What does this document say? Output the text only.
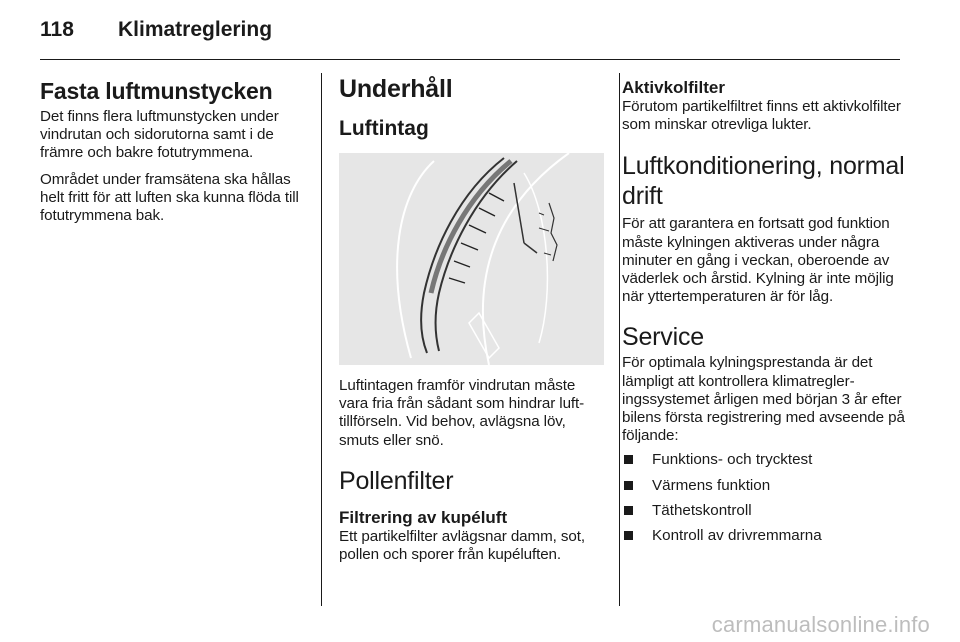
118 Klimatreglering
Fasta luftmunstycken

Det finns flera luftmunstycken under vindrutan och sidorutorna samt i de främre och bakre fotutrymmena.

Området under framsätena ska hållas helt fritt för att luften ska kunna flöda till fotutrymmena bak.

Underhåll
Luftintag

Luftintagen framför vindrutan måste vara fria från sådant som hindrar lufttillförseln. Vid behov, avlägsna löv, smuts eller snö.

Pollenfilter
Filtrering av kupéluft

Ett partikelfilter avlägsnar damm, sot, pollen och sporer från kupéluften.

Aktivkolfilter

Förutom partikelfiltret finns ett aktivkolfilter som minskar otrevliga lukter.

Luftkonditionering, normal drift

För att garantera en fortsatt god funktion måste kylningen aktiveras under några minuter en gång i veckan, oberoende av väderlek och årstid. Kylning är inte möjlig när yttertemperaturen är för låg.

Service

För optimala kylningsprestanda är det lämpligt att kontrollera klimatregleringssystemet årligen med början 3 år efter bilens första registrering med avseende på följande:

Funktions- och trycktest
Värmens funktion
Täthetskontroll
Kontroll av drivremmarna
carmanualsonline.info
